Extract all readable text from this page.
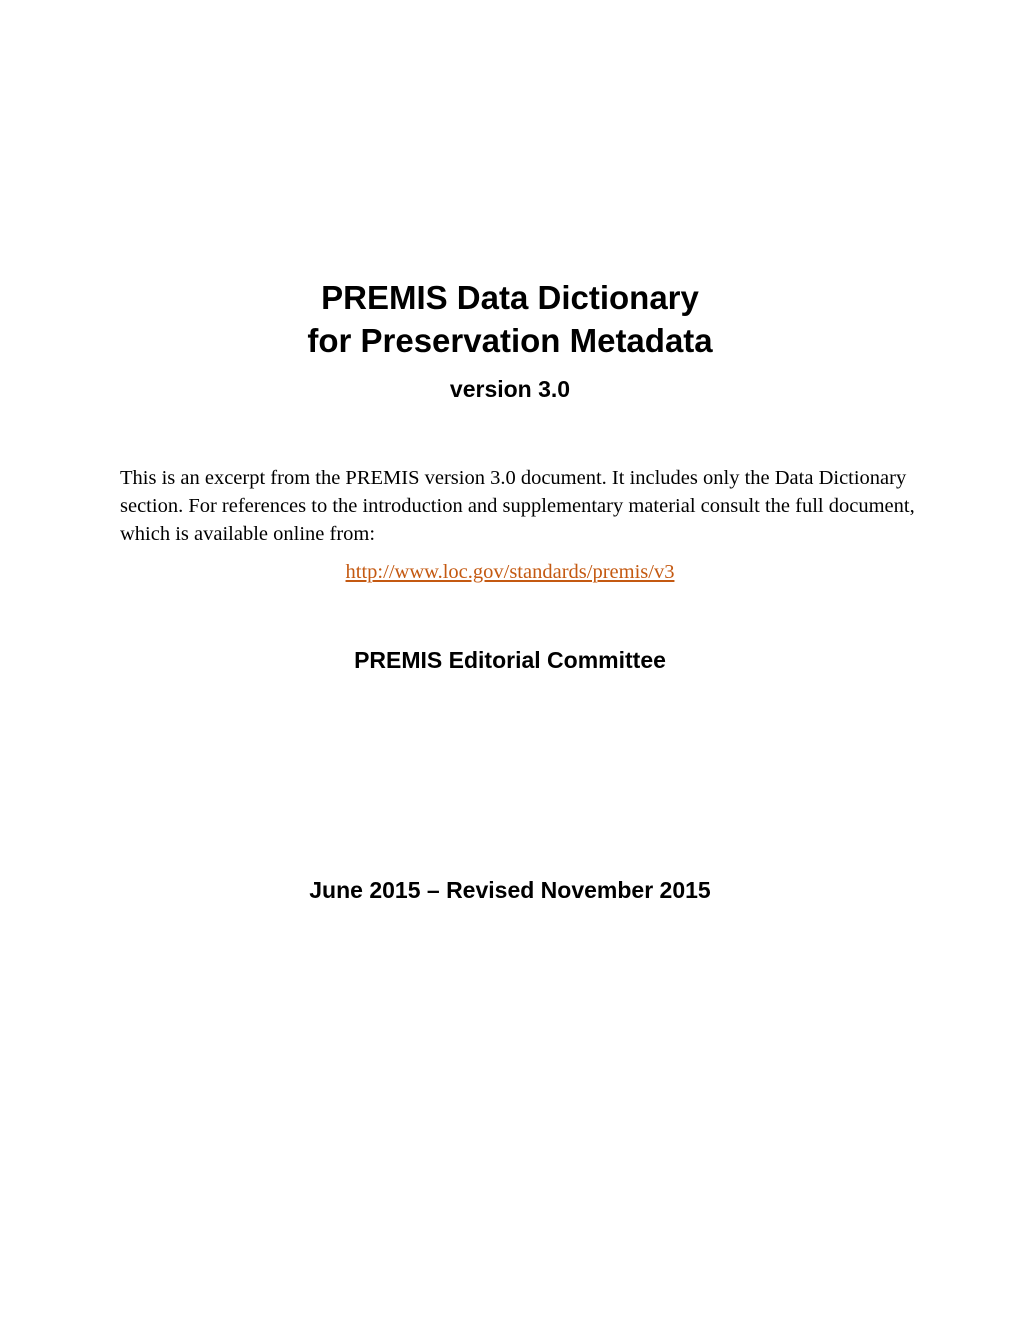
PREMIS Data Dictionary
for Preservation Metadata
version 3.0
This is an excerpt from the PREMIS version 3.0 document. It includes only the Data Dictionary
section. For references to the introduction and supplementary material consult the full document,
which is available online from:
http://www.loc.gov/standards/premis/v3
PREMIS Editorial Committee
June 2015 – Revised November 2015
